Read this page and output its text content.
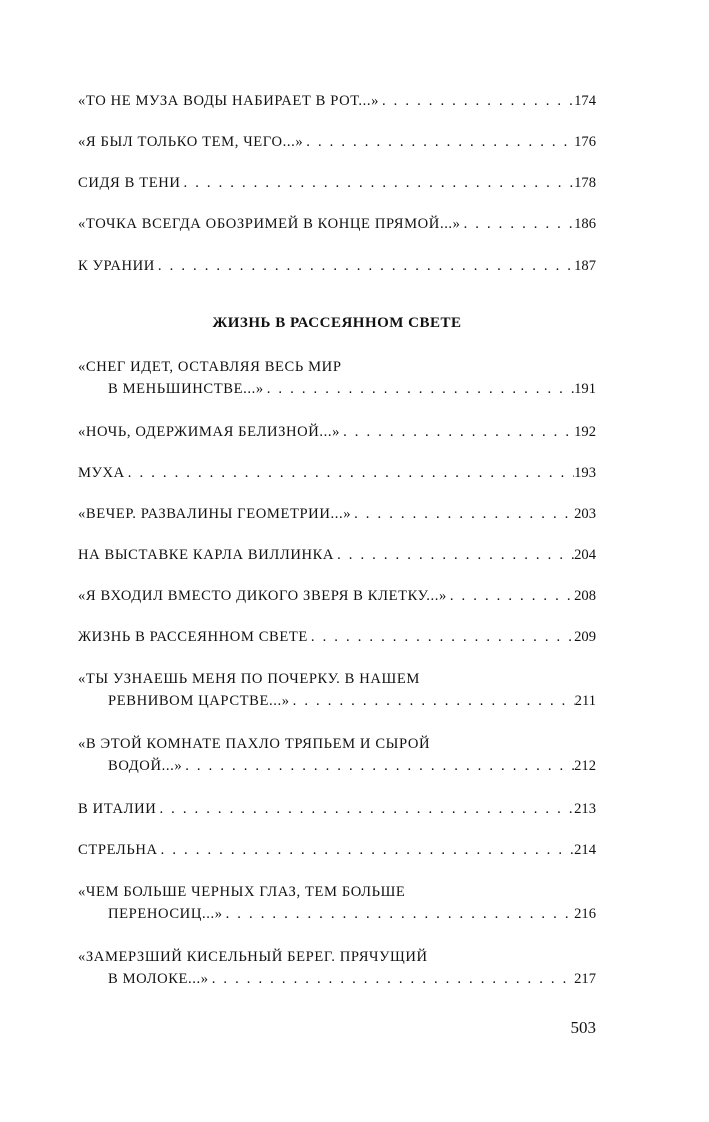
«ТО НЕ МУЗА ВОДЫ НАБИРАЕТ В РОТ...» . . .	174
«Я БЫЛ ТОЛЬКО ТЕМ, ЧЕГО...» . . .	176
СИДЯ В ТЕНИ . . .	178
«ТОЧКА ВСЕГДА ОБОЗРИМЕЙ В КОНЦЕ ПРЯМОЙ...» . . .	186
К УРАНИИ . . .	187
ЖИЗНЬ В РАССЕЯННОМ СВЕТЕ
«СНЕГ ИДЕТ, ОСТАВЛЯЯ ВЕСЬ МИР
В МЕНЬШИНСТВЕ...» . . .	191
«НОЧЬ, ОДЕРЖИМАЯ БЕЛИЗНОЙ...» . . .	192
МУХА . . .	193
«ВЕЧЕР. РАЗВАЛИНЫ ГЕОМЕТРИИ...» . . .	203
НА ВЫСТАВКЕ КАРЛА ВИЛЛИНКА . . .	204
«Я ВХОДИЛ ВМЕСТО ДИКОГО ЗВЕРЯ В КЛЕТКУ...» . . .	208
ЖИЗНЬ В РАССЕЯННОМ СВЕТЕ . . .	209
«ТЫ УЗНАЕШЬ МЕНЯ ПО ПОЧЕРКУ. В НАШЕМ
РЕВНИВОМ ЦАРСТВЕ...» . . .	211
«В ЭТОЙ КОМНАТЕ ПАХЛО ТРЯПЬЕМ И СЫРОЙ
ВОДОЙ...» . . .	212
В ИТАЛИИ . . .	213
СТРЕЛЬНА . . .	214
«ЧЕМ БОЛЬШЕ ЧЕРНЫХ ГЛАЗ, ТЕМ БОЛЬШЕ
ПЕРЕНОСИЦ...» . . .	216
«ЗАМЕРЗШИЙ КИСЕЛЬНЫЙ БЕРЕГ. ПРЯЧУЩИЙ
В МОЛОКЕ...» . . .	217
503
